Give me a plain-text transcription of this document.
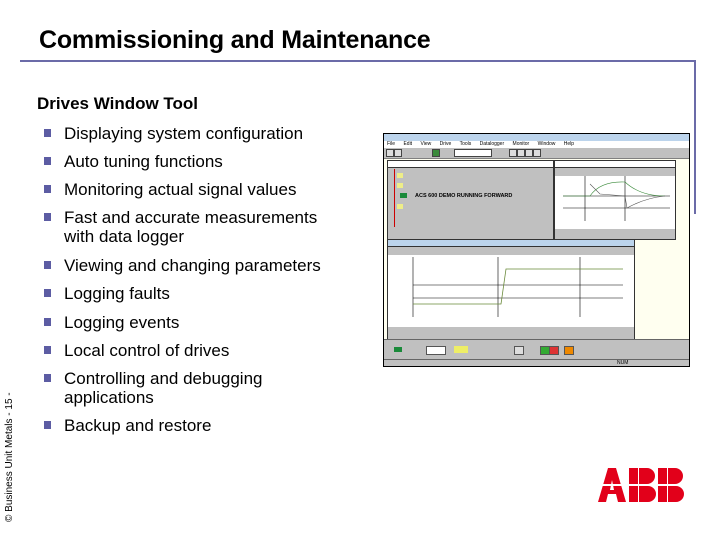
Commissioning and Maintenance
Drives Window Tool
Displaying system configuration
Auto tuning functions
Monitoring actual signal values
Fast and accurate measurements with data logger
Viewing and changing parameters
Logging faults
Logging events
Local control of drives
Controlling and debugging applications
Backup and restore
© Business Unit Metals - 15 -
File Edit View Drive Tools Datalogger Monitor Window Help
ACS 600 DEMO RUNNING FORWARD
NUM
